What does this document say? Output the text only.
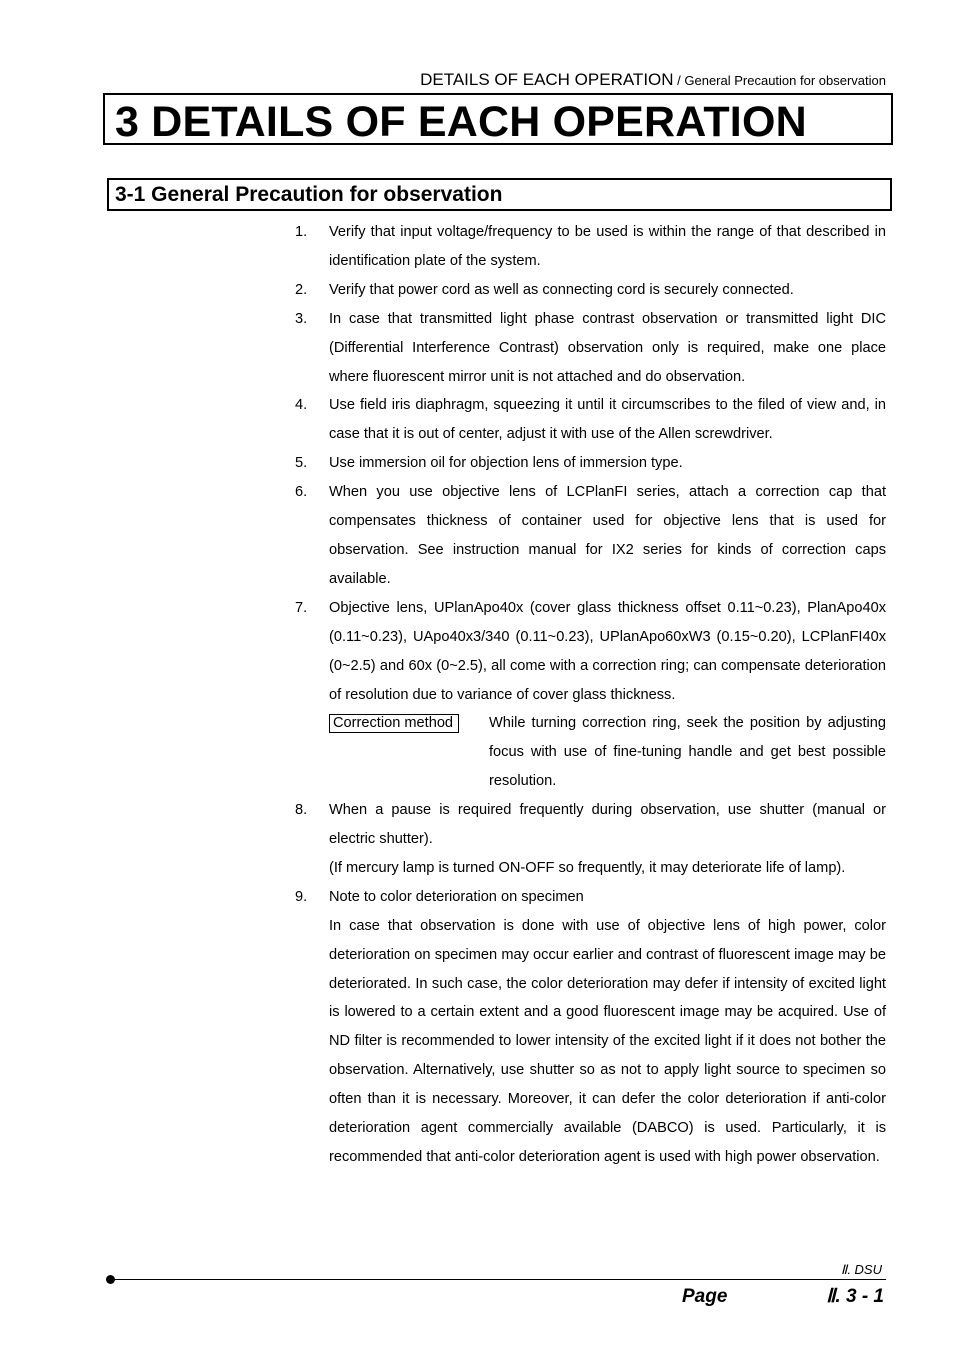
DETAILS OF EACH OPERATION / General Precaution for observation
3 DETAILS OF EACH OPERATION
3-1 General Precaution for observation
1.	Verify that input voltage/frequency to be used is within the range of that described in identification plate of the system.

2.	Verify that power cord as well as connecting cord is securely connected.

3.	In case that transmitted light phase contrast observation or transmitted light DIC (Differential Interference Contrast) observation only is required, make one place where fluorescent mirror unit is not attached and do observation.

4.	Use field iris diaphragm, squeezing it until it circumscribes to the filed of view and, in case that it is out of center, adjust it with use of the Allen screwdriver.

5.	Use immersion oil for objection lens of immersion type.

6.	When you use objective lens of LCPlanFI series, attach a correction cap that compensates thickness of container used for objective lens that is used for observation. See instruction manual for IX2 series for kinds of correction caps available.

7.	Objective lens, UPlanApo40x (cover glass thickness offset 0.11~0.23), PlanApo40x (0.11~0.23), UApo40x3/340 (0.11~0.23), UPlanApo60xW3 (0.15~0.20), LCPlanFI40x (0~2.5) and 60x (0~2.5), all come with a correction ring; can compensate deterioration of resolution due to variance of cover glass thickness.

Correction method	While turning correction ring, seek the position by adjusting focus with use of fine-tuning handle and get best possible resolution.
8.	When a pause is required frequently during observation, use shutter (manual or electric shutter).

(If mercury lamp is turned ON-OFF so frequently, it may deteriorate life of lamp).

9.	Note to color deterioration on specimen

In case that observation is done with use of objective lens of high power, color deterioration on specimen may occur earlier and contrast of fluorescent image may be deteriorated. In such case, the color deterioration may defer if intensity of excited light is lowered to a certain extent and a good fluorescent image may be acquired. Use of ND filter is recommended to lower intensity of the excited light if it does not bother the observation. Alternatively, use shutter so as not to apply light source to specimen so often than it is necessary. Moreover, it can defer the color deterioration if anti-color deterioration agent commercially available (DABCO) is used. Particularly, it is recommended that anti-color deterioration agent is used with high power observation.

Ⅱ. DSU
Page	Ⅱ. 3 - 1
